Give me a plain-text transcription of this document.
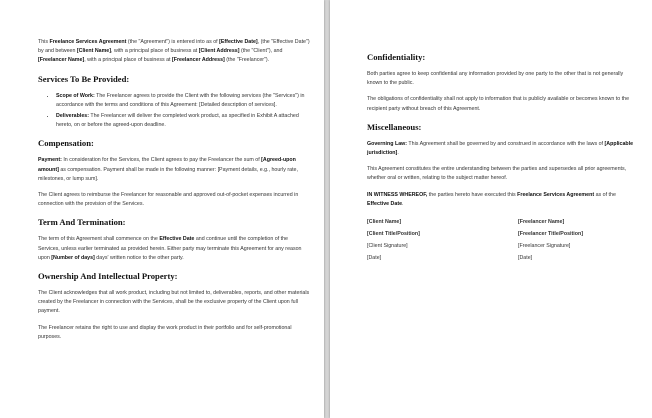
This Freelance Services Agreement (the "Agreement") is entered into as of [Effective Date], (the "Effective Date") by and between [Client Name], with a principal place of business at [Client Address] (the "Client"), and [Freelancer Name], with a principal place of business at [Freelancer Address] (the "Freelancer").

Services To Be Provided:
• Scope of Work: The Freelancer agrees to provide the Client with the following services (the "Services") in accordance with the terms and conditions of this Agreement: [Detailed description of services].
• Deliverables: The Freelancer will deliver the completed work product, as specified in Exhibit A attached hereto, on or before the agreed-upon deadline.
Compensation:

Payment: In consideration for the Services, the Client agrees to pay the Freelancer the sum of [Agreed-upon amount] as compensation. Payment shall be made in the following manner: [Payment details, e.g., hourly rate, milestones, or lump sum].

The Client agrees to reimburse the Freelancer for reasonable and approved out-of-pocket expenses incurred in connection with the provision of the Services.

Term And Termination:

The term of this Agreement shall commence on the Effective Date and continue until the completion of the Services, unless earlier terminated as provided herein. Either party may terminate this Agreement for any reason upon [Number of days] days' written notice to the other party.

Ownership And Intellectual Property:

The Client acknowledges that all work product, including but not limited to, deliverables, reports, and other materials created by the Freelancer in connection with the Services, shall be the exclusive property of the Client upon full payment.

The Freelancer retains the right to use and display the work product in their portfolio and for self-promotional purposes.

Confidentiality:

Both parties agree to keep confidential any information provided by one party to the other that is not generally known to the public.

The obligations of confidentiality shall not apply to information that is publicly available or becomes known to the recipient party without breach of this Agreement.

Miscellaneous:

Governing Law: This Agreement shall be governed by and construed in accordance with the laws of [Applicable jurisdiction].

This Agreement constitutes the entire understanding between the parties and supersedes all prior agreements, whether oral or written, relating to the subject matter hereof.

IN WITNESS WHEREOF, the parties hereto have executed this Freelance Services Agreement as of the Effective Date.

[Client Name]
[Client Title/Position]
[Client Signature]
[Date]
[Freelancer Name]
[Freelancer Title/Position]
[Freelancer Signature]
[Date]
